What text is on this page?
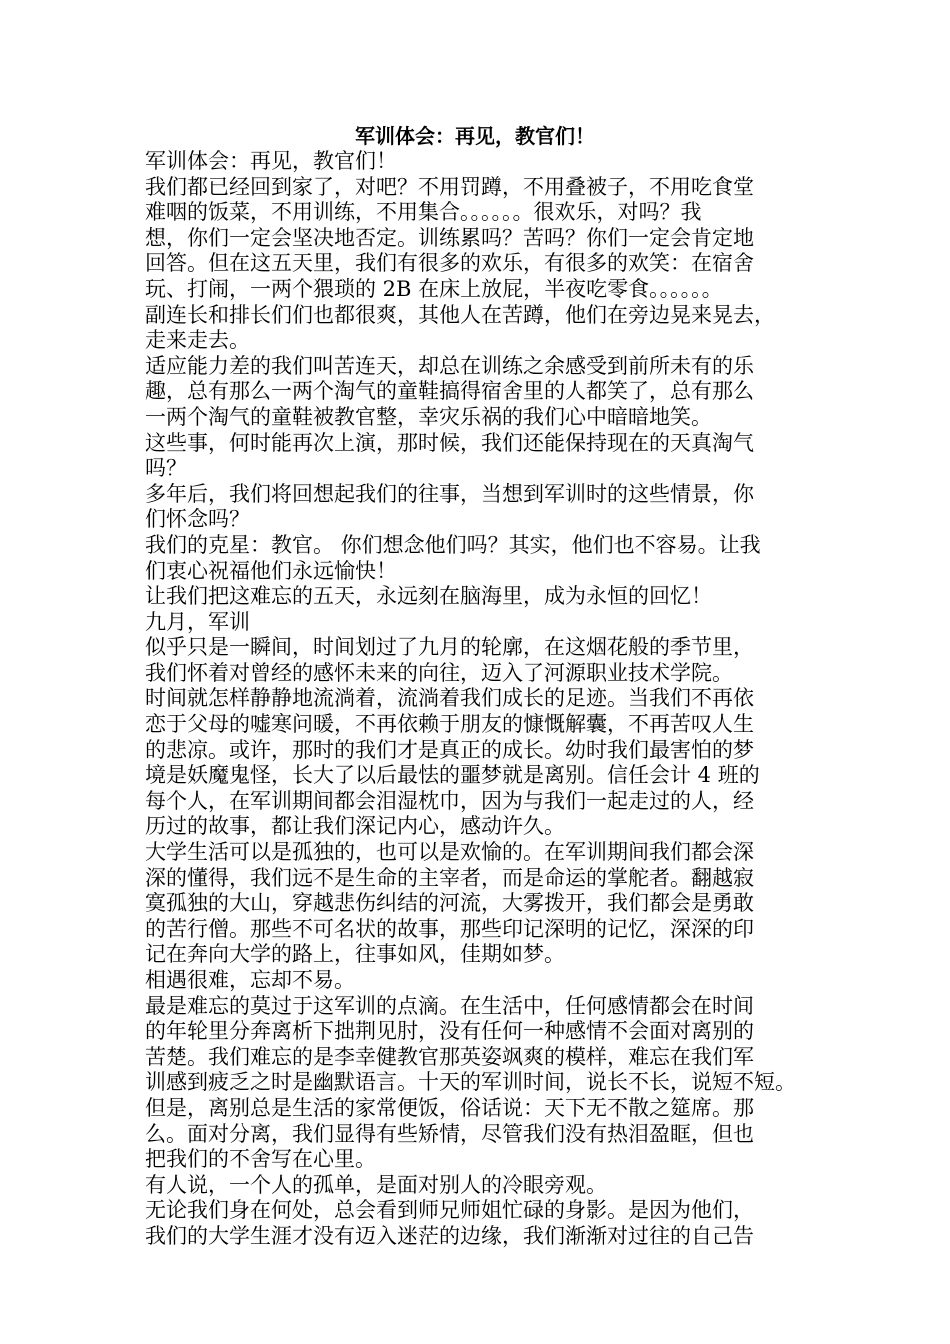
军训体会：再见，教官们！
军训体会：再见，教官们！
我们都已经回到家了，对吧？不用罚蹲，不用叠被子，不用吃食堂
难咽的饭菜，不用训练，不用集合。。。。。。很欢乐，对吗？我
想，你们一定会坚决地否定。训练累吗？苦吗？你们一定会肯定地
回答。但在这五天里，我们有很多的欢乐，有很多的欢笑：在宿舍
玩、打闹，一两个猥琐的 2B 在床上放屁，半夜吃零食。。。。。。
副连长和排长们们也都很爽，其他人在苦蹲，他们在旁边晃来晃去，
走来走去。
适应能力差的我们叫苦连天，却总在训练之余感受到前所未有的乐
趣，总有那么一两个淘气的童鞋搞得宿舍里的人都笑了，总有那么
一两个淘气的童鞋被教官整，幸灾乐祸的我们心中暗暗地笑。
这些事，何时能再次上演，那时候，我们还能保持现在的天真淘气
吗？
多年后，我们将回想起我们的往事，当想到军训时的这些情景，你
们怀念吗？
我们的克星：教官。 你们想念他们吗？其实，他们也不容易。让我
们衷心祝福他们永远愉快！
让我们把这难忘的五天，永远刻在脑海里，成为永恒的回忆！
九月，军训
似乎只是一瞬间，时间划过了九月的轮廓，在这烟花般的季节里，
我们怀着对曾经的感怀未来的向往，迈入了河源职业技术学院。
时间就怎样静静地流淌着，流淌着我们成长的足迹。当我们不再依
恋于父母的嘘寒问暖，不再依赖于朋友的慷慨解囊，不再苦叹人生
的悲凉。或许，那时的我们才是真正的成长。幼时我们最害怕的梦
境是妖魔鬼怪，长大了以后最怯的噩梦就是离别。信任会计 4 班的
每个人，在军训期间都会泪湿枕巾，因为与我们一起走过的人，经
历过的故事，都让我们深记内心，感动许久。
大学生活可以是孤独的，也可以是欢愉的。在军训期间我们都会深
深的懂得，我们远不是生命的主宰者，而是命运的掌舵者。翻越寂
寞孤独的大山，穿越悲伤纠结的河流，大雾拨开，我们都会是勇敢
的苦行僧。那些不可名状的故事，那些印记深明的记忆，深深的印
记在奔向大学的路上，往事如风，佳期如梦。
相遇很难，忘却不易。
最是难忘的莫过于这军训的点滴。在生活中，任何感情都会在时间
的年轮里分奔离析下拙荆见肘，没有任何一种感情不会面对离别的
苦楚。我们难忘的是李幸健教官那英姿飒爽的模样，难忘在我们军
训感到疲乏之时是幽默语言。十天的军训时间，说长不长，说短不短。
但是，离别总是生活的家常便饭，俗话说：天下无不散之筵席。那
么。面对分离，我们显得有些矫情，尽管我们没有热泪盈眶，但也
把我们的不舍写在心里。
有人说，一个人的孤单，是面对别人的冷眼旁观。
无论我们身在何处，总会看到师兄师姐忙碌的身影。是因为他们，
我们的大学生涯才没有迈入迷茫的边缘，我们渐渐对过往的自己告
